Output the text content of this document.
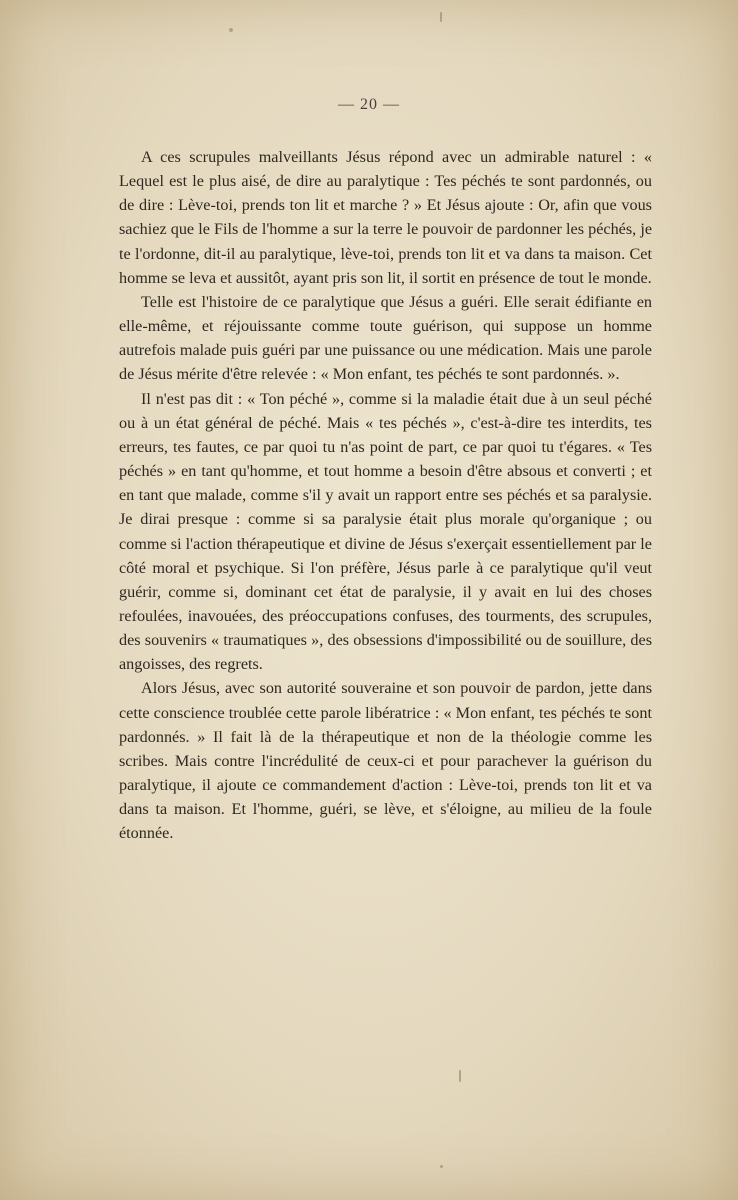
— 20 —

A ces scrupules malveillants Jésus répond avec un admirable naturel : « Lequel est le plus aisé, de dire au paralytique : Tes péchés te sont pardonnés, ou de dire : Lève-toi, prends ton lit et marche ? » Et Jésus ajoute : Or, afin que vous sachiez que le Fils de l'homme a sur la terre le pouvoir de pardonner les péchés, je te l'ordonne, dit-il au paralytique, lève-toi, prends ton lit et va dans ta maison. Cet homme se leva et aussitôt, ayant pris son lit, il sortit en présence de tout le monde.

Telle est l'histoire de ce paralytique que Jésus a guéri. Elle serait édifiante en elle-même, et réjouissante comme toute guérison, qui suppose un homme autrefois malade puis guéri par une puissance ou une médication. Mais une parole de Jésus mérite d'être relevée : « Mon enfant, tes péchés te sont pardonnés. ».

Il n'est pas dit : « Ton péché », comme si la maladie était due à un seul péché ou à un état général de péché. Mais « tes péchés », c'est-à-dire tes interdits, tes erreurs, tes fautes, ce par quoi tu n'as point de part, ce par quoi tu t'égares. « Tes péchés » en tant qu'homme, et tout homme a besoin d'être absous et converti ; et en tant que malade, comme s'il y avait un rapport entre ses péchés et sa paralysie. Je dirai presque : comme si sa paralysie était plus morale qu'organique ; ou comme si l'action thérapeutique et divine de Jésus s'exerçait essentiellement par le côté moral et psychique. Si l'on préfère, Jésus parle à ce paralytique qu'il veut guérir, comme si, dominant cet état de paralysie, il y avait en lui des choses refoulées, inavouées, des préoccupations confuses, des tourments, des scrupules, des souvenirs « traumatiques », des obsessions d'impossibilité ou de souillure, des angoisses, des regrets.

Alors Jésus, avec son autorité souveraine et son pouvoir de pardon, jette dans cette conscience troublée cette parole libératrice : « Mon enfant, tes péchés te sont pardonnés. » Il fait là de la thérapeutique et non de la théologie comme les scribes. Mais contre l'incrédulité de ceux-ci et pour parachever la guérison du paralytique, il ajoute ce commandement d'action : Lève-toi, prends ton lit et va dans ta maison. Et l'homme, guéri, se lève, et s'éloigne, au milieu de la foule étonnée.
